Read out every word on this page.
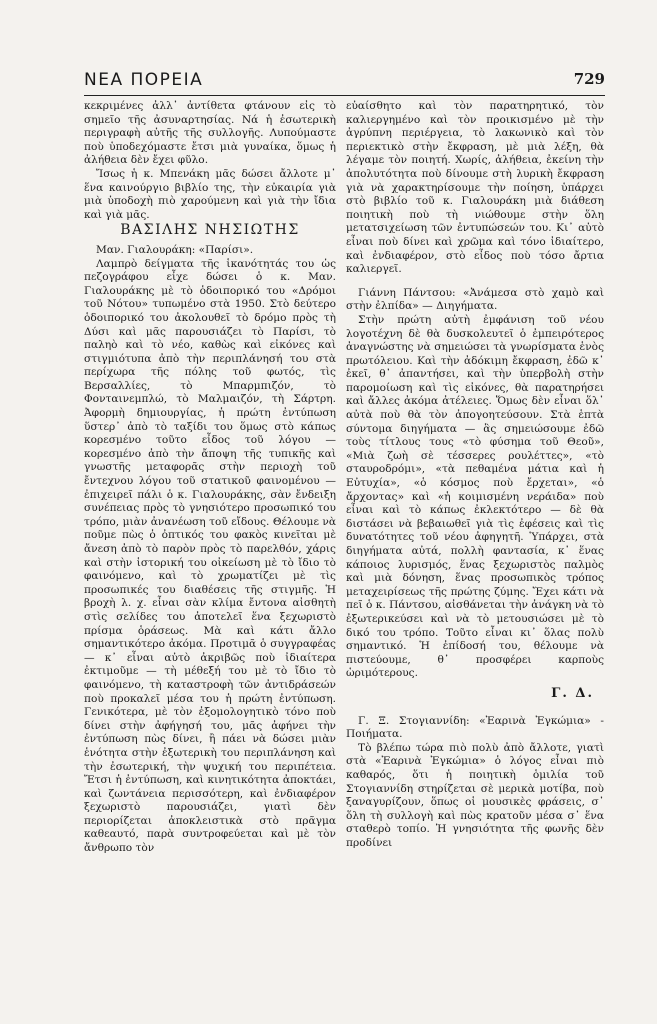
ΝΕΑ ΠΟΡΕΙΑ	729

κεκριμένες ἀλλ᾿ ἀντίθετα φτάνουν εἰς τὸ σημεῖο τῆς ἀσυναρτησίας. Νά ἡ ἐσωτερικὴ περιγραφὴ αὐτῆς τῆς συλλογῆς. Λυπούμαστε ποὺ ὑποδεχόμαστε ἔτσι μιὰ γυναίκα, ὅμως ἡ ἀλήθεια δὲν ἔχει φῦλο.

Ἴσως ἡ κ. Μπενάκη μᾶς δώσει ἄλλοτε μ᾿ ἕνα καινούργιο βιβλίο της, τὴν εὐκαιρία γιὰ μιὰ ὑποδοχὴ πιὸ χαρούμενη καὶ γιὰ τὴν ἴδια καὶ γιὰ μᾶς.

ΒΑΣΙΛΗΣ ΝΗΣΙΩΤΗΣ

Μαν. Γιαλουράκη: «Παρίσι».

Λαμπρὸ δείγματα τῆς ἱκανότητάς του ὡς πεζογράφου εἶχε δώσει ὁ κ. Μαν. Γιαλουράκης μὲ τὸ ὁδοιπορικό του «Δρόμοι τοῦ Νότου» τυπωμένο στὰ 1950. Στὸ δεύτερο ὁδοιπορικό του ἀκολουθεῖ τὸ δρόμο πρὸς τὴ Δύσι καὶ μᾶς παρουσιάζει τὸ Παρίσι, τὸ παληὸ καὶ τὸ νέο, καθὼς καὶ εἰκόνες καὶ στιγμιότυπα ἀπὸ τὴν περιπλάνησή του στὰ περίχωρα τῆς πόλης τοῦ φωτός, τὶς Βερσαλλίες, τὸ Μπαρμπιζόν, τὸ Φονταινεμπλώ, τὸ Μαλμαιζόν, τὴ Σάρτρη. Ἀφορμὴ δημιουργίας, ἡ πρώτη ἐντύπωση ὕστερ᾿ ἀπὸ τὸ ταξίδι του ὅμως στὸ κάπως κορεσμένο τοῦτο εἶδος τοῦ λόγου — κορεσμένο ἀπὸ τὴν ἄποψη τῆς τυπικῆς καὶ γνωστῆς μεταφορᾶς στὴν περιοχὴ τοῦ ἔντεχνου λόγου τοῦ στατικοῦ φαινομένου — ἐπιχειρεῖ πάλι ὁ κ. Γιαλουράκης, σὰν ἔνδειξη συνέπειας πρὸς τὸ γνησιότερο προσωπικό του τρόπο, μιὰν ἀνανέωση τοῦ εἴδους. Θέλουμε νὰ ποῦμε πὼς ὁ ὀπτικός του φακὸς κινεῖται μὲ ἄνεση ἀπὸ τὸ παρὸν πρὸς τὸ παρελθόν, χάρις καὶ στὴν ἱστορική του οἰκείωση μὲ τὸ ἴδιο τὸ φαινόμενο, καὶ τὸ χρωματίζει μὲ τὶς προσωπικές του διαθέσεις τῆς στιγμῆς. Ἡ βροχὴ λ. χ. εἶναι σὰν κλίμα ἔντονα αἰσθητὴ στὶς σελίδες του ἀποτελεῖ ἕνα ξεχωριστὸ πρίσμα ὁράσεως. Μὰ καὶ κάτι ἄλλο σημαντικότερο ἀκόμα. Προτιμᾶ ὁ συγγραφέας — κ᾿ εἶναι αὐτὸ ἀκριβῶς ποὺ ἰδιαίτερα ἐκτιμοῦμε — τὴ μέθεξή του μὲ τὸ ἴδιο τὸ φαινόμενο, τὴ καταστροφὴ τῶν ἀντιδράσεών ποὺ προκαλεῖ μέσα του ἡ πρώτη ἐντύπωση. Γενικότερα, μὲ τὸν ἐξομολογητικὸ τόνο ποὺ δίνει στὴν ἀφήγησή του, μᾶς ἀφήνει τὴν ἐντύπωση πὼς δίνει, ἢ πάει νὰ δώσει μιὰν ἑνότητα στὴν ἐξωτερικὴ του περιπλάνηση καὶ τὴν ἐσωτερική, τὴν ψυχική του περιπέτεια. Ἔτσι ἡ ἐντύπωση, καὶ κινητικότητα ἀποκτάει, καὶ ζωντάνεια περισσότερη, καὶ ἐνδιαφέρον ξεχωριστὸ παρουσιάζει, γιατὶ δὲν περιορίζεται ἀποκλειστικὰ στὸ πρᾶγμα καθεαυτό, παρὰ συντροφεύεται καὶ μὲ τὸν ἄνθρωπο τὸν

εὐαίσθητο καὶ τὸν παρατηρητικό, τὸν καλιεργημένο καὶ τὸν προικισμένο μὲ τὴν ἀγρύπνη περιέργεια, τὸ λακωνικὸ καὶ τὸν περιεκτικὸ στὴν ἔκφραση, μὲ μιὰ λέξη, θὰ λέγαμε τὸν ποιητή. Χωρίς, ἀλήθεια, ἐκείνη τὴν ἀπολυτότητα ποὺ δίνουμε στὴ λυρικὴ ἔκφραση γιὰ νὰ χαρακτηρίσουμε τὴν ποίηση, ὑπάρχει στὸ βιβλίο τοῦ κ. Γιαλουράκη μιὰ διάθεση ποιητικὴ ποὺ τὴ νιώθουμε στὴν ὅλη μετατσιχείωση τῶν ἐντυπώσεών του. Κι᾿ αὐτὸ εἶναι ποὺ δίνει καὶ χρῶμα καὶ τόνο ἰδιαίτερο, καὶ ἐνδιαφέρον, στὸ εἶδος ποὺ τόσο ἄρτια καλιεργεῖ.

Γιάννη Πάντσου: «Ἀνάμεσα στὸ χαμὸ καὶ στὴν ἐλπίδα» — Διηγήματα.

Στὴν πρώτη αὐτὴ ἐμφάνιση τοῦ νέου λογοτέχνη δὲ θὰ δυσκολευτεῖ ὁ ἐμπειρότερος ἀναγνώστης νὰ σημειώσει τὰ γνωρίσματα ἑνὸς πρωτόλειου. Καὶ τὴν ἀδόκιμη ἔκφραση, ἐδῶ κ᾿ ἐκεῖ, θ᾿ ἀπαντήσει, καὶ τὴν ὑπερβολὴ στὴν παρομοίωση καὶ τὶς εἰκόνες, θὰ παρατηρήσει καὶ ἄλλες ἀκόμα ἀτέλειες. Ὅμως δὲν εἶναι ὅλ᾿ αὐτὰ ποὺ θὰ τὸν ἀπογοητεύσουν. Στὰ ἑπτὰ σύντομα διηγήματα — ἂς σημειώσουμε ἐδῶ τοὺς τίτλους τους «τὸ φύσημα τοῦ Θεοῦ», «Μιὰ ζωὴ σὲ τέσσερες ρουλέττες», «τὸ σταυροδρόμι», «τὰ πεθαμένα μάτια καὶ ἡ Εὐτυχία», «ὁ κόσμος ποὺ ἔρχεται», «ὁ ἄρχοντας» καὶ «ἡ κοιμισμένη νεράιδα» ποὺ εἶναι καὶ τὸ κάπως ἐκλεκτότερο — δὲ θὰ διστάσει νὰ βεβαιωθεῖ γιὰ τὶς ἐφέσεις καὶ τὶς δυνατότητες τοῦ νέου ἀφηγητῆ. Ὑπάρχει, στὰ διηγήματα αὐτά, πολλὴ φαντασία, κ᾿ ἕνας κάποιος λυρισμός, ἕνας ξεχωριστὸς παλμὸς καὶ μιὰ δόνηση, ἕνας προσωπικὸς τρόπος μεταχειρίσεως τῆς πρώτης ζύμης. Ἔχει κάτι νὰ πεῖ ὁ κ. Πάντσου, αἰσθάνεται τὴν ἀνάγκη νὰ τὸ ἐξωτερικεύσει καὶ νὰ τὸ μετουσιώσει μὲ τὸ δικό του τρόπο. Τοῦτο εἶναι κι᾿ ὅλας πολὺ σημαντικό. Ἡ ἐπίδοσή του, θέλουμε νὰ πιστεύουμε, θ᾿ προσφέρει καρποὺς ὡριμότερους.

Γ. Δ.

Γ. Ξ. Στογιαννίδη: «Ἐαρινὰ Ἐγκώμια» - Ποιήματα.

Τὸ βλέπω τώρα πιὸ πολὺ ἀπὸ ἄλλοτε, γιατὶ στὰ «Ἐαρινὰ Ἐγκώμια» ὁ λόγος εἶναι πιὸ καθαρός, ὅτι ἡ ποιητικὴ ὁμιλία τοῦ Στογιαννίδη στηρίζεται σὲ μερικὰ μοτίβα, ποὺ ξαναγυρίζουν, ὅπως οἱ μουσικὲς φράσεις, σ᾿ ὅλη τὴ συλλογὴ καὶ πὼς κρατοῦν μέσα σ᾿ ἕνα σταθερὸ τοπίο. Ἡ γνησιότητα τῆς φωνῆς δὲν προδίνει
